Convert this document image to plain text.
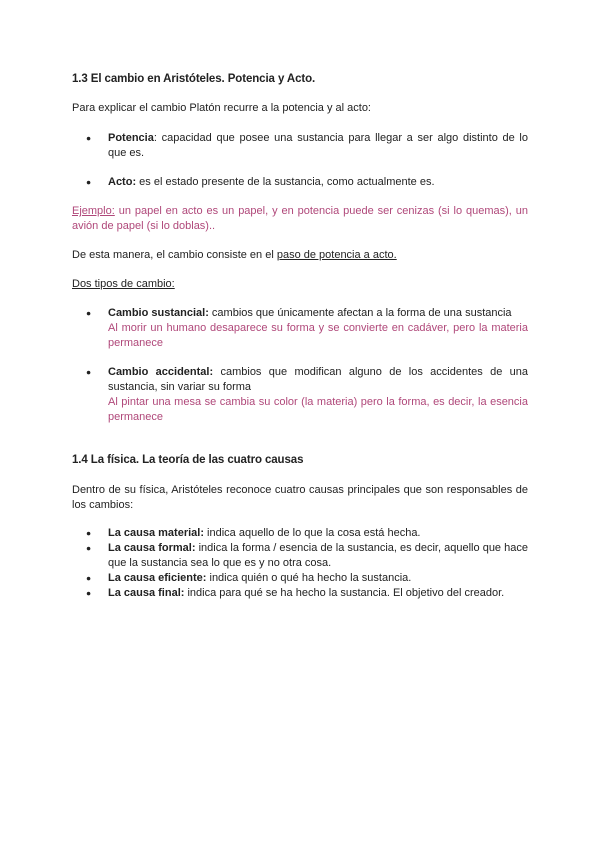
1.3 El cambio en Aristóteles. Potencia y Acto.
Para explicar el cambio Platón recurre a la potencia y al acto:
● Potencia: capacidad que posee una sustancia para llegar a ser algo distinto de lo que es.
● Acto: es el estado presente de la sustancia, como actualmente es.
Ejemplo: un papel en acto es un papel, y en potencia puede ser cenizas (si lo quemas), un avión de papel (si lo doblas)..
De esta manera, el cambio consiste en el paso de potencia a acto.
Dos tipos de cambio:
● Cambio sustancial: cambios que únicamente afectan a la forma de una sustancia
Al morir un humano desaparece su forma y se convierte en cadáver, pero la materia permanece
● Cambio accidental: cambios que modifican alguno de los accidentes de una sustancia, sin variar su forma
Al pintar una mesa se cambia su color (la materia) pero la forma, es decir, la esencia permanece
1.4 La física. La teoría de las cuatro causas
Dentro de su física, Aristóteles reconoce cuatro causas principales que son responsables de los cambios:
● La causa material: indica aquello de lo que la cosa está hecha.
● La causa formal: indica la forma / esencia de la sustancia, es decir, aquello que hace que la sustancia sea lo que es y no otra cosa.
● La causa eficiente: indica quién o qué ha hecho la sustancia.
● La causa final: indica para qué se ha hecho la sustancia. El objetivo del creador.
